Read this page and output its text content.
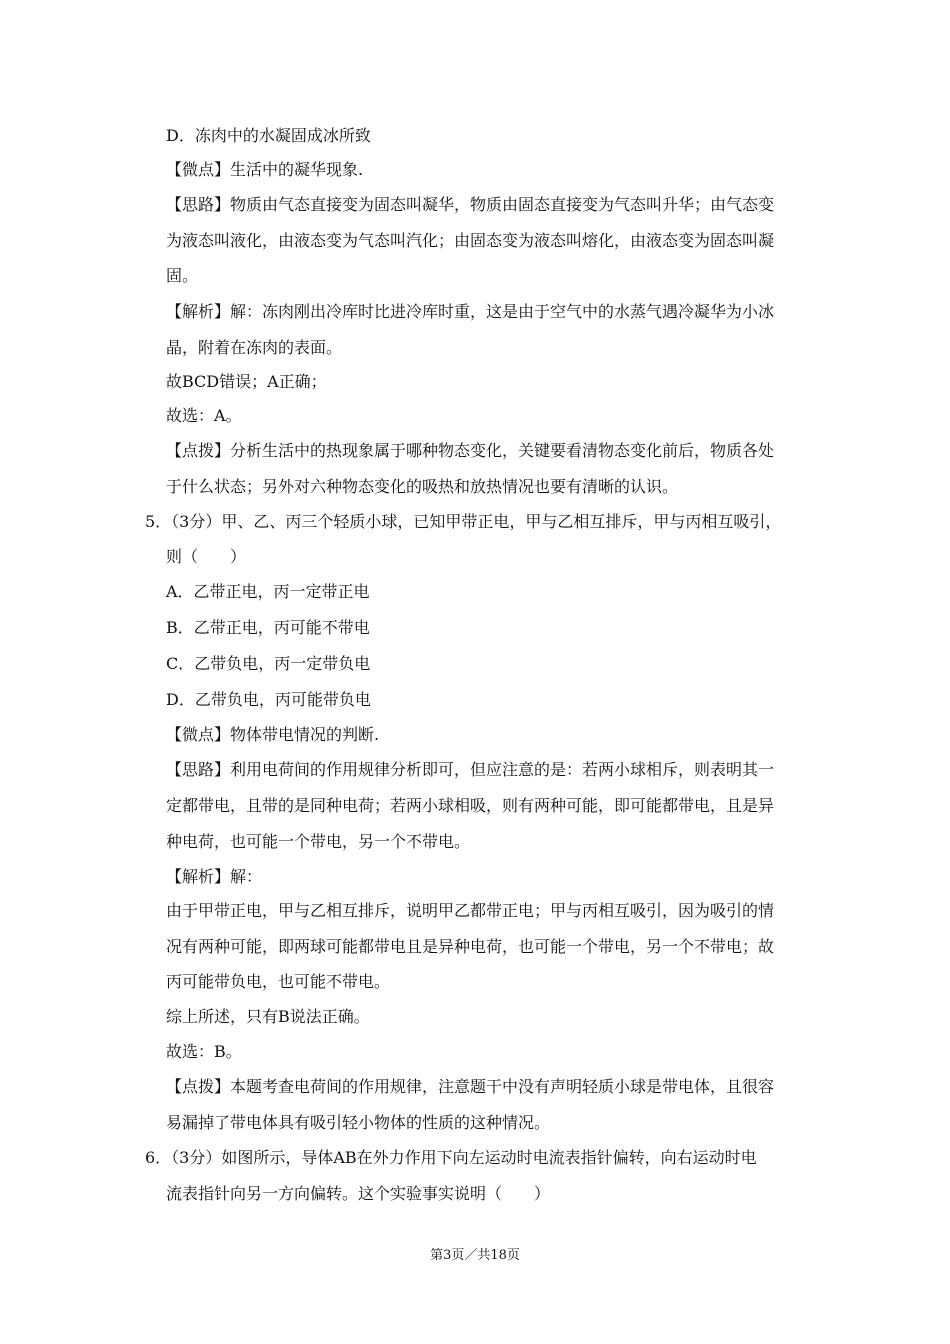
D．冻肉中的水凝固成冰所致
【微点】生活中的凝华现象.
【思路】物质由气态直接变为固态叫凝华，物质由固态直接变为气态叫升华；由气态变
为液态叫液化，由液态变为气态叫汽化；由固态变为液态叫熔化，由液态变为固态叫凝
固。
【解析】解：冻肉刚出冷库时比进冷库时重，这是由于空气中的水蒸气遇冷凝华为小冰
晶，附着在冻肉的表面。
故BCD错误；A正确；
故选：A。
【点拨】分析生活中的热现象属于哪种物态变化，关键要看清物态变化前后，物质各处
于什么状态；另外对六种物态变化的吸热和放热情况也要有清晰的认识。
5．（3分）甲、乙、丙三个轻质小球，已知甲带正电，甲与乙相互排斥，甲与丙相互吸引，
则（　　）
A．乙带正电，丙一定带正电
B．乙带正电，丙可能不带电
C．乙带负电，丙一定带负电
D．乙带负电，丙可能带负电
【微点】物体带电情况的判断.
【思路】利用电荷间的作用规律分析即可，但应注意的是：若两小球相斥，则表明其一
定都带电，且带的是同种电荷；若两小球相吸，则有两种可能，即可能都带电，且是异
种电荷，也可能一个带电，另一个不带电。
【解析】解：
由于甲带正电，甲与乙相互排斥，说明甲乙都带正电；甲与丙相互吸引，因为吸引的情
况有两种可能，即两球可能都带电且是异种电荷，也可能一个带电，另一个不带电；故
丙可能带负电，也可能不带电。
综上所述，只有B说法正确。
故选：B。
【点拨】本题考查电荷间的作用规律，注意题干中没有声明轻质小球是带电体，且很容
易漏掉了带电体具有吸引轻小物体的性质的这种情况。
6．（3分）如图所示，导体AB在外力作用下向左运动时电流表指针偏转，向右运动时电
流表指针向另一方向偏转。这个实验事实说明（　　）
第3页／共18页
